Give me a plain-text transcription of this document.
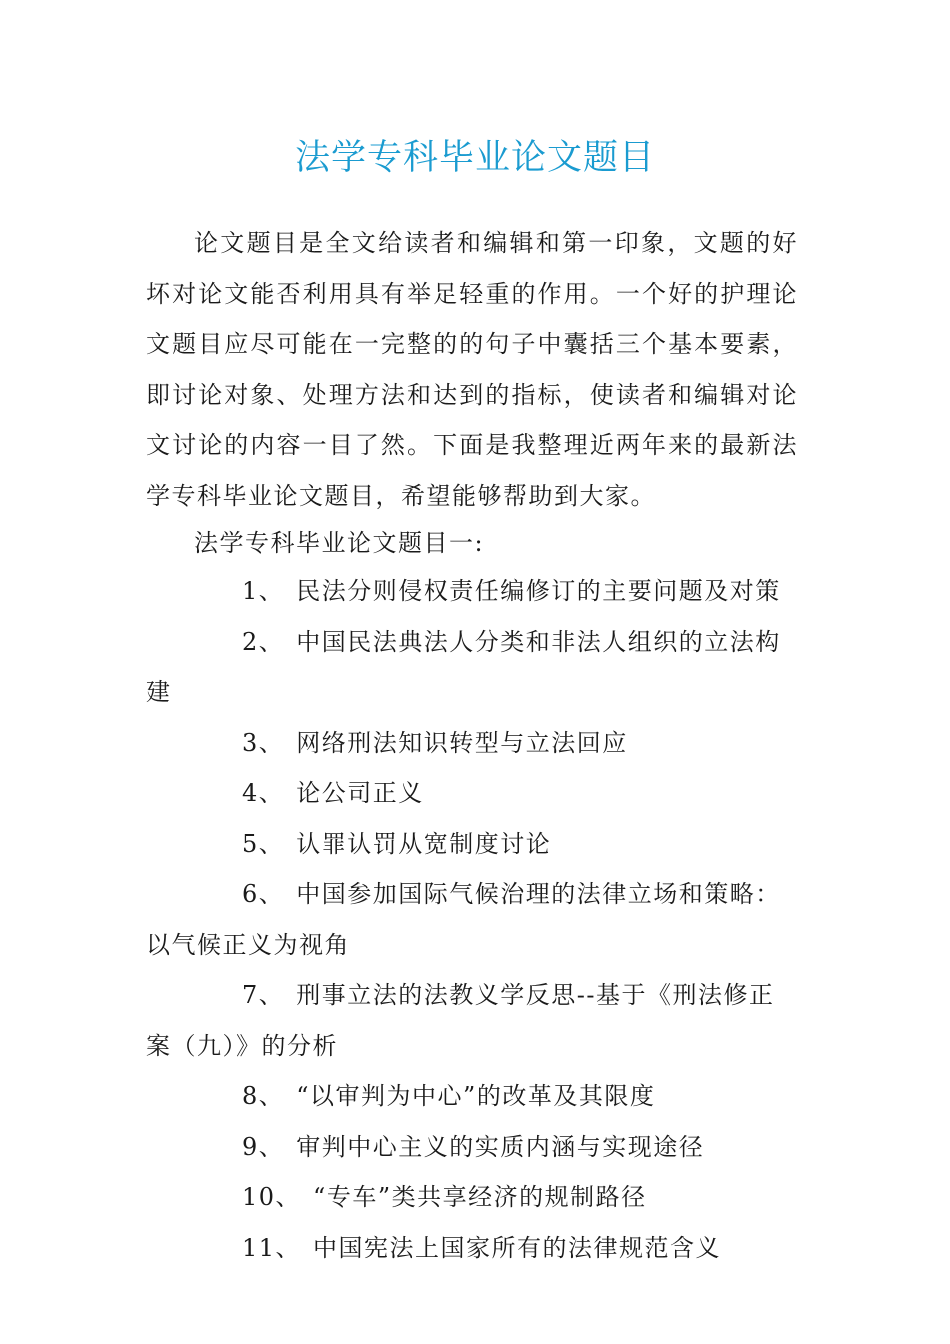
法学专科毕业论文题目

论文题目是全文给读者和编辑和第一印象，文题的好坏对论文能否利用具有举足轻重的作用。一个好的护理论文题目应尽可能在一完整的的句子中囊括三个基本要素，即讨论对象、处理方法和达到的指标，使读者和编辑对论文讨论的内容一目了然。下面是我整理近两年来的最新法学专科毕业论文题目，希望能够帮助到大家。

法学专科毕业论文题目一:

1、 民法分则侵权责任编修订的主要问题及对策
2、 中国民法典法人分类和非法人组织的立法构建
3、 网络刑法知识转型与立法回应
4、 论公司正义
5、 认罪认罚从宽制度讨论
6、 中国参加国际气候治理的法律立场和策略：以气候正义为视角
7、 刑事立法的法教义学反思--基于《刑法修正案（九）》的分析
8、 “以审判为中心”的改革及其限度
9、 审判中心主义的实质内涵与实现途径
10、 “专车”类共享经济的规制路径
11、 中国宪法上国家所有的法律规范含义
